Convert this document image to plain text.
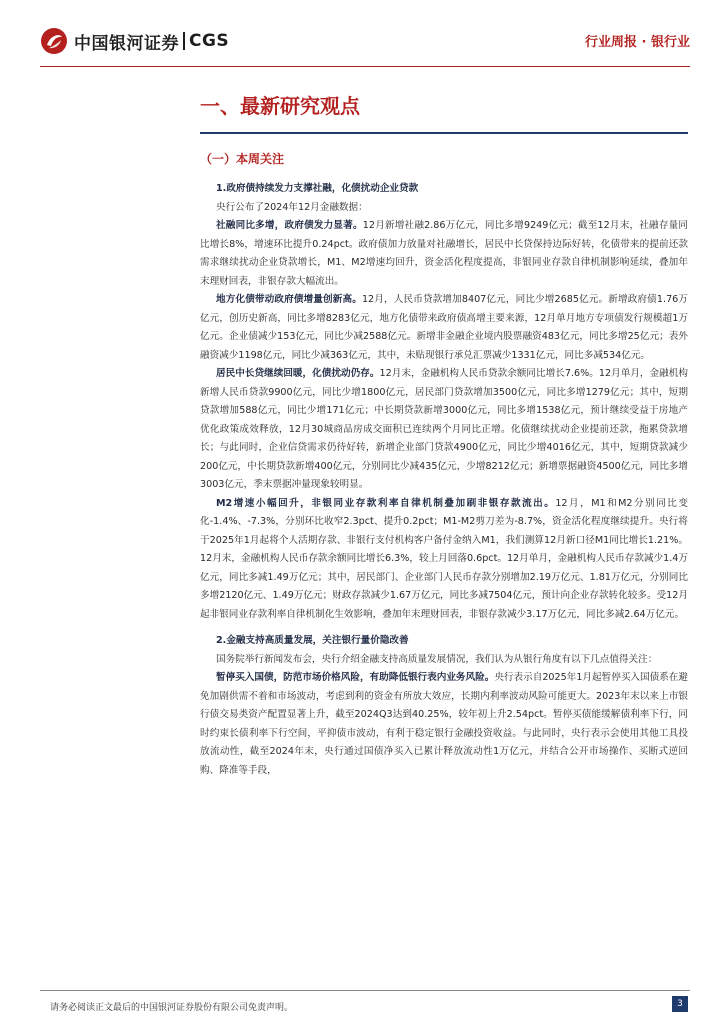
中国银河证券 CGS	行业周报 · 银行业
一、最新研究观点
（一）本周关注

1.政府债持续发力支撑社融，化债扰动企业贷款

央行公布了2024年12月金融数据：

社融同比多增，政府债发力显著。12月新增社融2.86万亿元，同比多增9249亿元；截至12月末，社融存量同比增长8%，增速环比提升0.24pct。政府债加力放量对社融增长，居民中长贷保持边际好转，化债带来的提前还款需求继续扰动企业贷款增长，M1、M2增速均回升，资金活化程度提高，非银同业存款自律机制影响延续，叠加年末理财回表，非银存款大幅流出。

地方化债带动政府债增量创新高。12月，人民币贷款增加8407亿元，同比少增2685亿元。新增政府债1.76万亿元，创历史新高，同比多增8283亿元，地方化债带来政府债高增主要来源，12月单月地方专项债发行规模超1万亿元。企业债减少153亿元，同比少减2588亿元。新增非金融企业境内股票融资483亿元，同比多增25亿元；表外融资减少1198亿元，同比少减363亿元，其中，未贴现银行承兑汇票减少1331亿元，同比多减534亿元。

居民中长贷继续回暖，化债扰动仍存。12月末，金融机构人民币贷款余额同比增长7.6%。12月单月，金融机构新增人民币贷款9900亿元，同比少增1800亿元，居民部门贷款增加3500亿元，同比多增1279亿元；其中，短期贷款增加588亿元，同比少增171亿元；中长期贷款新增3000亿元，同比多增1538亿元，预计继续受益于房地产优化政策成效释放，12月30城商品房成交面积已连续两个月同比正增。化债继续扰动企业提前还款，拖累贷款增长；与此同时，企业信贷需求仍待好转，新增企业部门贷款4900亿元，同比少增4016亿元，其中，短期贷款减少200亿元，中长期贷款新增400亿元，分别同比少减435亿元，少增8212亿元；新增票据融资4500亿元，同比多增3003亿元，季末票据冲量现象较明显。

M2增速小幅回升，非银同业存款利率自律机制叠加刷非银存款流出。12月，M1和M2分别同比变化-1.4%、-7.3%，分别环比收窄2.3pct、提升0.2pct；M1-M2剪刀差为-8.7%，资金活化程度继续提升。央行将于2025年1月起将个人活期存款、非银行支付机构客户备付金纳入M1，我们测算12月新口径M1同比增长1.21%。12月末，金融机构人民币存款余额同比增长6.3%，较上月回落0.6pct。12月单月，金融机构人民币存款减少1.4万亿元，同比多减1.49万亿元；其中，居民部门、企业部门人民币存款分别增加2.19万亿元、1.81万亿元，分别同比多增2120亿元、1.49万亿元；财政存款减少1.67万亿元，同比多减7504亿元，预计向企业存款转化较多。受12月起非银同业存款利率自律机制化生效影响，叠加年末理财回表，非银存款减少3.17万亿元，同比多减2.64万亿元。

2.金融支持高质量发展，关注银行量价隐改善

国务院举行新闻发布会，央行介绍金融支持高质量发展情况，我们认为从银行角度有以下几点值得关注：

暂停买入国债，防范市场价格风险，有助降低银行表内业务风险。央行表示自2025年1月起暂停买入国债系在避免加剧供需不着和市场波动，考虑到利的资金有所放大效应，长期内利率波动风险可能更大。2023年末以来上市银行债交易类资产配置显著上升，截至2024Q3达到40.25%，较年初上升2.54pct。暂停买债能缓解债利率下行，同时约束长债利率下行空间，平抑债市波动，有利于稳定银行金融投资收益。与此同时，央行表示会使用其他工具投放流动性，截至2024年末，央行通过国债净买入已累计释放流动性1万亿元，并结合公开市场操作、买断式逆回购、降准等手段，

请务必阅读正文最后的中国银河证券股份有限公司免责声明。	3
